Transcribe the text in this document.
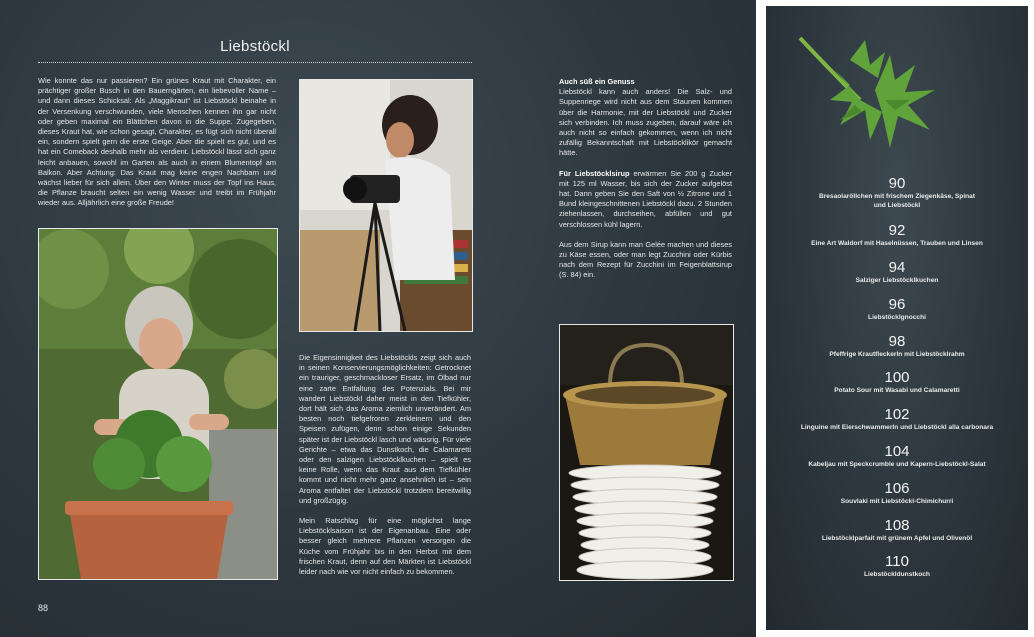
Liebstöckl

Wie konnte das nur passieren? Ein grünes Kraut mit Charakter, ein prächtiger großer Busch in den Bauerngärten, ein liebevoller Name – und dann dieses Schicksal: Als „Maggikraut“ ist Liebstöckl beinahe in der Versenkung verschwunden, viele Menschen kennen ihn gar nicht oder geben maximal ein Blättchen davon in die Suppe. Zugegeben, dieses Kraut hat, wie schon gesagt, Charakter, es fügt sich nicht überall ein, sondern spielt gern die erste Geige. Aber die spielt es gut, und es hat ein Comeback deshalb mehr als verdient. Liebstöckl lässt sich ganz leicht anbauen, sowohl im Garten als auch in einem Blumentopf am Balkon. Aber Achtung: Das Kraut mag keine engen Nachbarn und wächst lieber für sich allein. Über den Winter muss der Topf ins Haus, die Pflanze braucht selten ein wenig Wasser und treibt im Frühjahr wieder aus. Alljährlich eine große Freude!

Die Eigensinnigkeit des Liebstöckls zeigt sich auch in seinen Konservierungsmöglichkeiten: Getrocknet ein trauriger, geschmackloser Ersatz, im Ölbad nur eine zarte Entfaltung des Potenzials. Bei mir wandert Liebstöckl daher meist in den Tiefkühler, dort hält sich das Aroma ziemlich unverändert. Am besten noch tiefgefroren zerkleinern und den Speisen zufügen, denn schon einige Sekunden später ist der Liebstöckl lasch und wässrig. Für viele Gerichte – etwa das Dunstkoch, die Calamaretti oder den salzigen Liebstöcklkuchen – spielt es keine Rolle, wenn das Kraut aus dem Tiefkühler kommt und nicht mehr ganz ansehnlich ist – sein Aroma entfaltet der Liebstöckl trotzdem bereitwillig und großzügig.

Mein Ratschlag für eine möglichst lange Liebstöcklsaison ist der Eigenanbau. Eine oder besser gleich mehrere Pflanzen versorgen die Küche vom Frühjahr bis in den Herbst mit dem frischen Kraut, denn auf den Märkten ist Liebstöckl leider nach wie vor nicht einfach zu bekommen.

Auch süß ein Genuss

Liebstöckl kann auch anders! Die Salz- und Suppenriege wird nicht aus dem Staunen kommen über die Harmonie, mit der Liebstöckl und Zucker sich verbinden. Ich muss zugeben, darauf wäre ich auch nicht so einfach gekommen, wenn ich nicht zufällig Bekanntschaft mit Liebstöcklikör gemacht hätte.

Für Liebstöcklsirup erwärmen Sie 200 g Zucker mit 125 ml Wasser, bis sich der Zucker aufgelöst hat. Dann geben Sie den Saft von ½ Zitrone und 1 Bund kleingeschnittenen Liebstöckl dazu. 2 Stunden ziehenlassen, durchseihen, abfüllen und gut verschlossen kühl lagern.

Aus dem Sirup kann man Gelée machen und dieses zu Käse essen, oder man legt Zucchini oder Kürbis nach dem Rezept für Zucchini im Feigenblattsirup (S. 84) ein.

88
90
Bresaolaröllchen mit frischem Ziegenkäse, Spinat und Liebstöckl
92
Eine Art Waldorf mit Haselnüssen, Trauben und Linsen
94
Salziger Liebstöcklkuchen
96
Liebstöcklgnocchi
98
Pfeffrige Krautfleckerln mit Liebstöcklrahm
100
Potato Sour mit Wasabi und Calamaretti
102
Linguine mit Eierschwammerln und Liebstöckl alla carbonara
104
Kabeljau mit Speckcrumble und Kapern-Liebstöckl-Salat
106
Souvlaki mit Liebstöckl-Chimichurri
108
Liebstöcklparfait mit grünem Apfel und Olivenöl
110
Liebstöckldunstkoch
